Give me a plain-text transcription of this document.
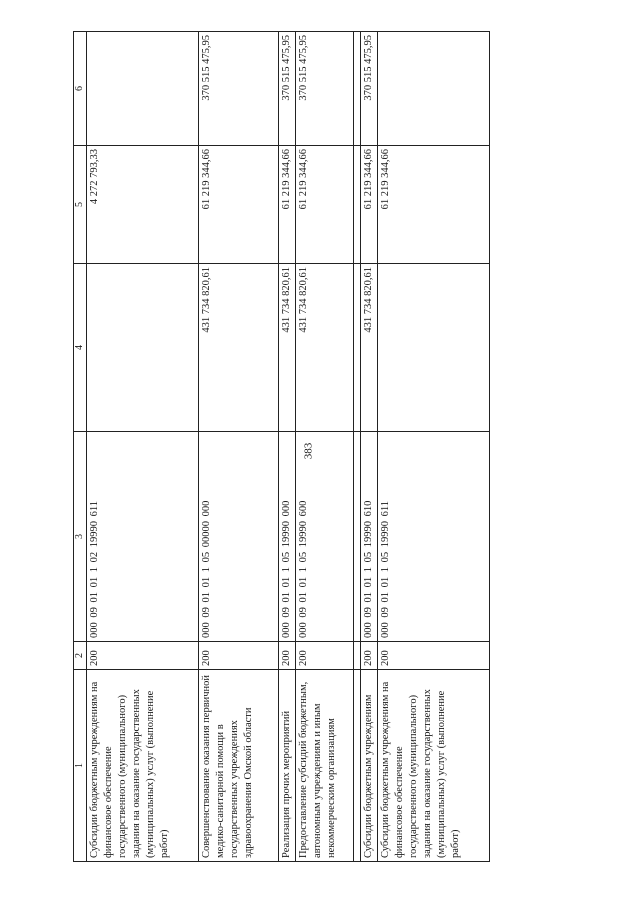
383
1	2	3	4	5	6
Субсидии бюджетным учреждениям на финансовое обеспечение государственного (муниципального) задания на оказание государственных (муниципальных) услуг (выполнение работ)	200	000 09 01 01 1 02 19990 611		4 272 793,33	
Совершенствование оказания первичной медико-санитарной помощи в государственных учреждениях здравоохранения Омской области	200	000 09 01 01 1 05 00000 000	431 734 820,61	61 219 344,66	370 515 475,95
Реализация прочих мероприятий	200	000 09 01 01 1 05 19990 000	431 734 820,61	61 219 344,66	370 515 475,95
Предоставление субсидий бюджетным, автономным учреждениям и иным некоммерческим организациям	200	000 09 01 01 1 05 19990 600	431 734 820,61	61 219 344,66	370 515 475,95

Субсидии бюджетным учреждениям	200	000 09 01 01 1 05 19990 610	431 734 820,61	61 219 344,66	370 515 475,95
Субсидии бюджетным учреждениям на финансовое обеспечение государственного (муниципального) задания на оказание государственных (муниципальных) услуг (выполнение работ)	200	000 09 01 01 1 05 19990 611		61 219 344,66	
